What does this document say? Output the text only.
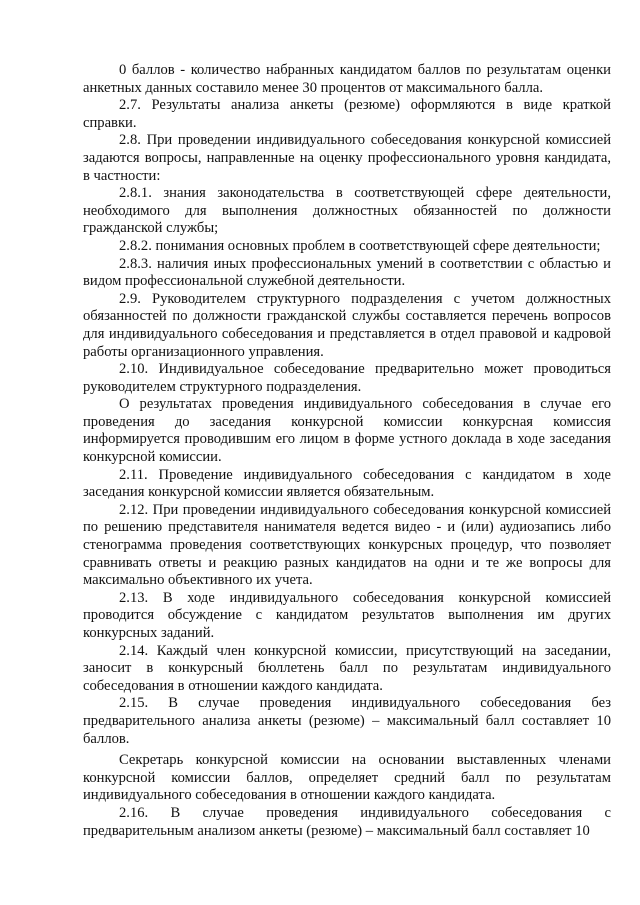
0 баллов - количество набранных кандидатом баллов по результатам оценки анкетных данных составило менее 30 процентов от максимального балла.

2.7. Результаты анализа анкеты (резюме) оформляются в виде краткой справки.

2.8. При проведении индивидуального собеседования конкурсной комиссией задаются вопросы, направленные на оценку профессионального уровня кандидата, в частности:

2.8.1. знания законодательства в соответствующей сфере деятельности, необходимого для выполнения должностных обязанностей по должности гражданской службы;

2.8.2. понимания основных проблем в соответствующей сфере деятельности;

2.8.3. наличия иных профессиональных умений в соответствии с областью и видом профессиональной служебной деятельности.

2.9. Руководителем структурного подразделения с учетом должностных обязанностей по должности гражданской службы составляется перечень вопросов для индивидуального собеседования и представляется в отдел правовой и кадровой работы организационного управления.

2.10. Индивидуальное собеседование предварительно может проводиться руководителем структурного подразделения.

О результатах проведения индивидуального собеседования в случае его проведения до заседания конкурсной комиссии конкурсная комиссия информируется проводившим его лицом в форме устного доклада в ходе заседания конкурсной комиссии.

2.11. Проведение индивидуального собеседования с кандидатом в ходе заседания конкурсной комиссии является обязательным.

2.12. При проведении индивидуального собеседования конкурсной комиссией по решению представителя нанимателя ведется видео - и (или) аудиозапись либо стенограмма проведения соответствующих конкурсных процедур, что позволяет сравнивать ответы и реакцию разных кандидатов на одни и те же вопросы для максимально объективного их учета.

2.13. В ходе индивидуального собеседования конкурсной комиссией проводится обсуждение с кандидатом результатов выполнения им других конкурсных заданий.

2.14. Каждый член конкурсной комиссии, присутствующий на заседании, заносит в конкурсный бюллетень балл по результатам индивидуального собеседования в отношении каждого кандидата.

2.15. В случае проведения индивидуального собеседования без предварительного анализа анкеты (резюме) – максимальный балл составляет 10 баллов.

Секретарь конкурсной комиссии на основании выставленных членами конкурсной комиссии баллов, определяет средний балл по результатам индивидуального собеседования в отношении каждого кандидата.

2.16. В случае проведения индивидуального собеседования с предварительным анализом анкеты (резюме) – максимальный балл составляет 10
